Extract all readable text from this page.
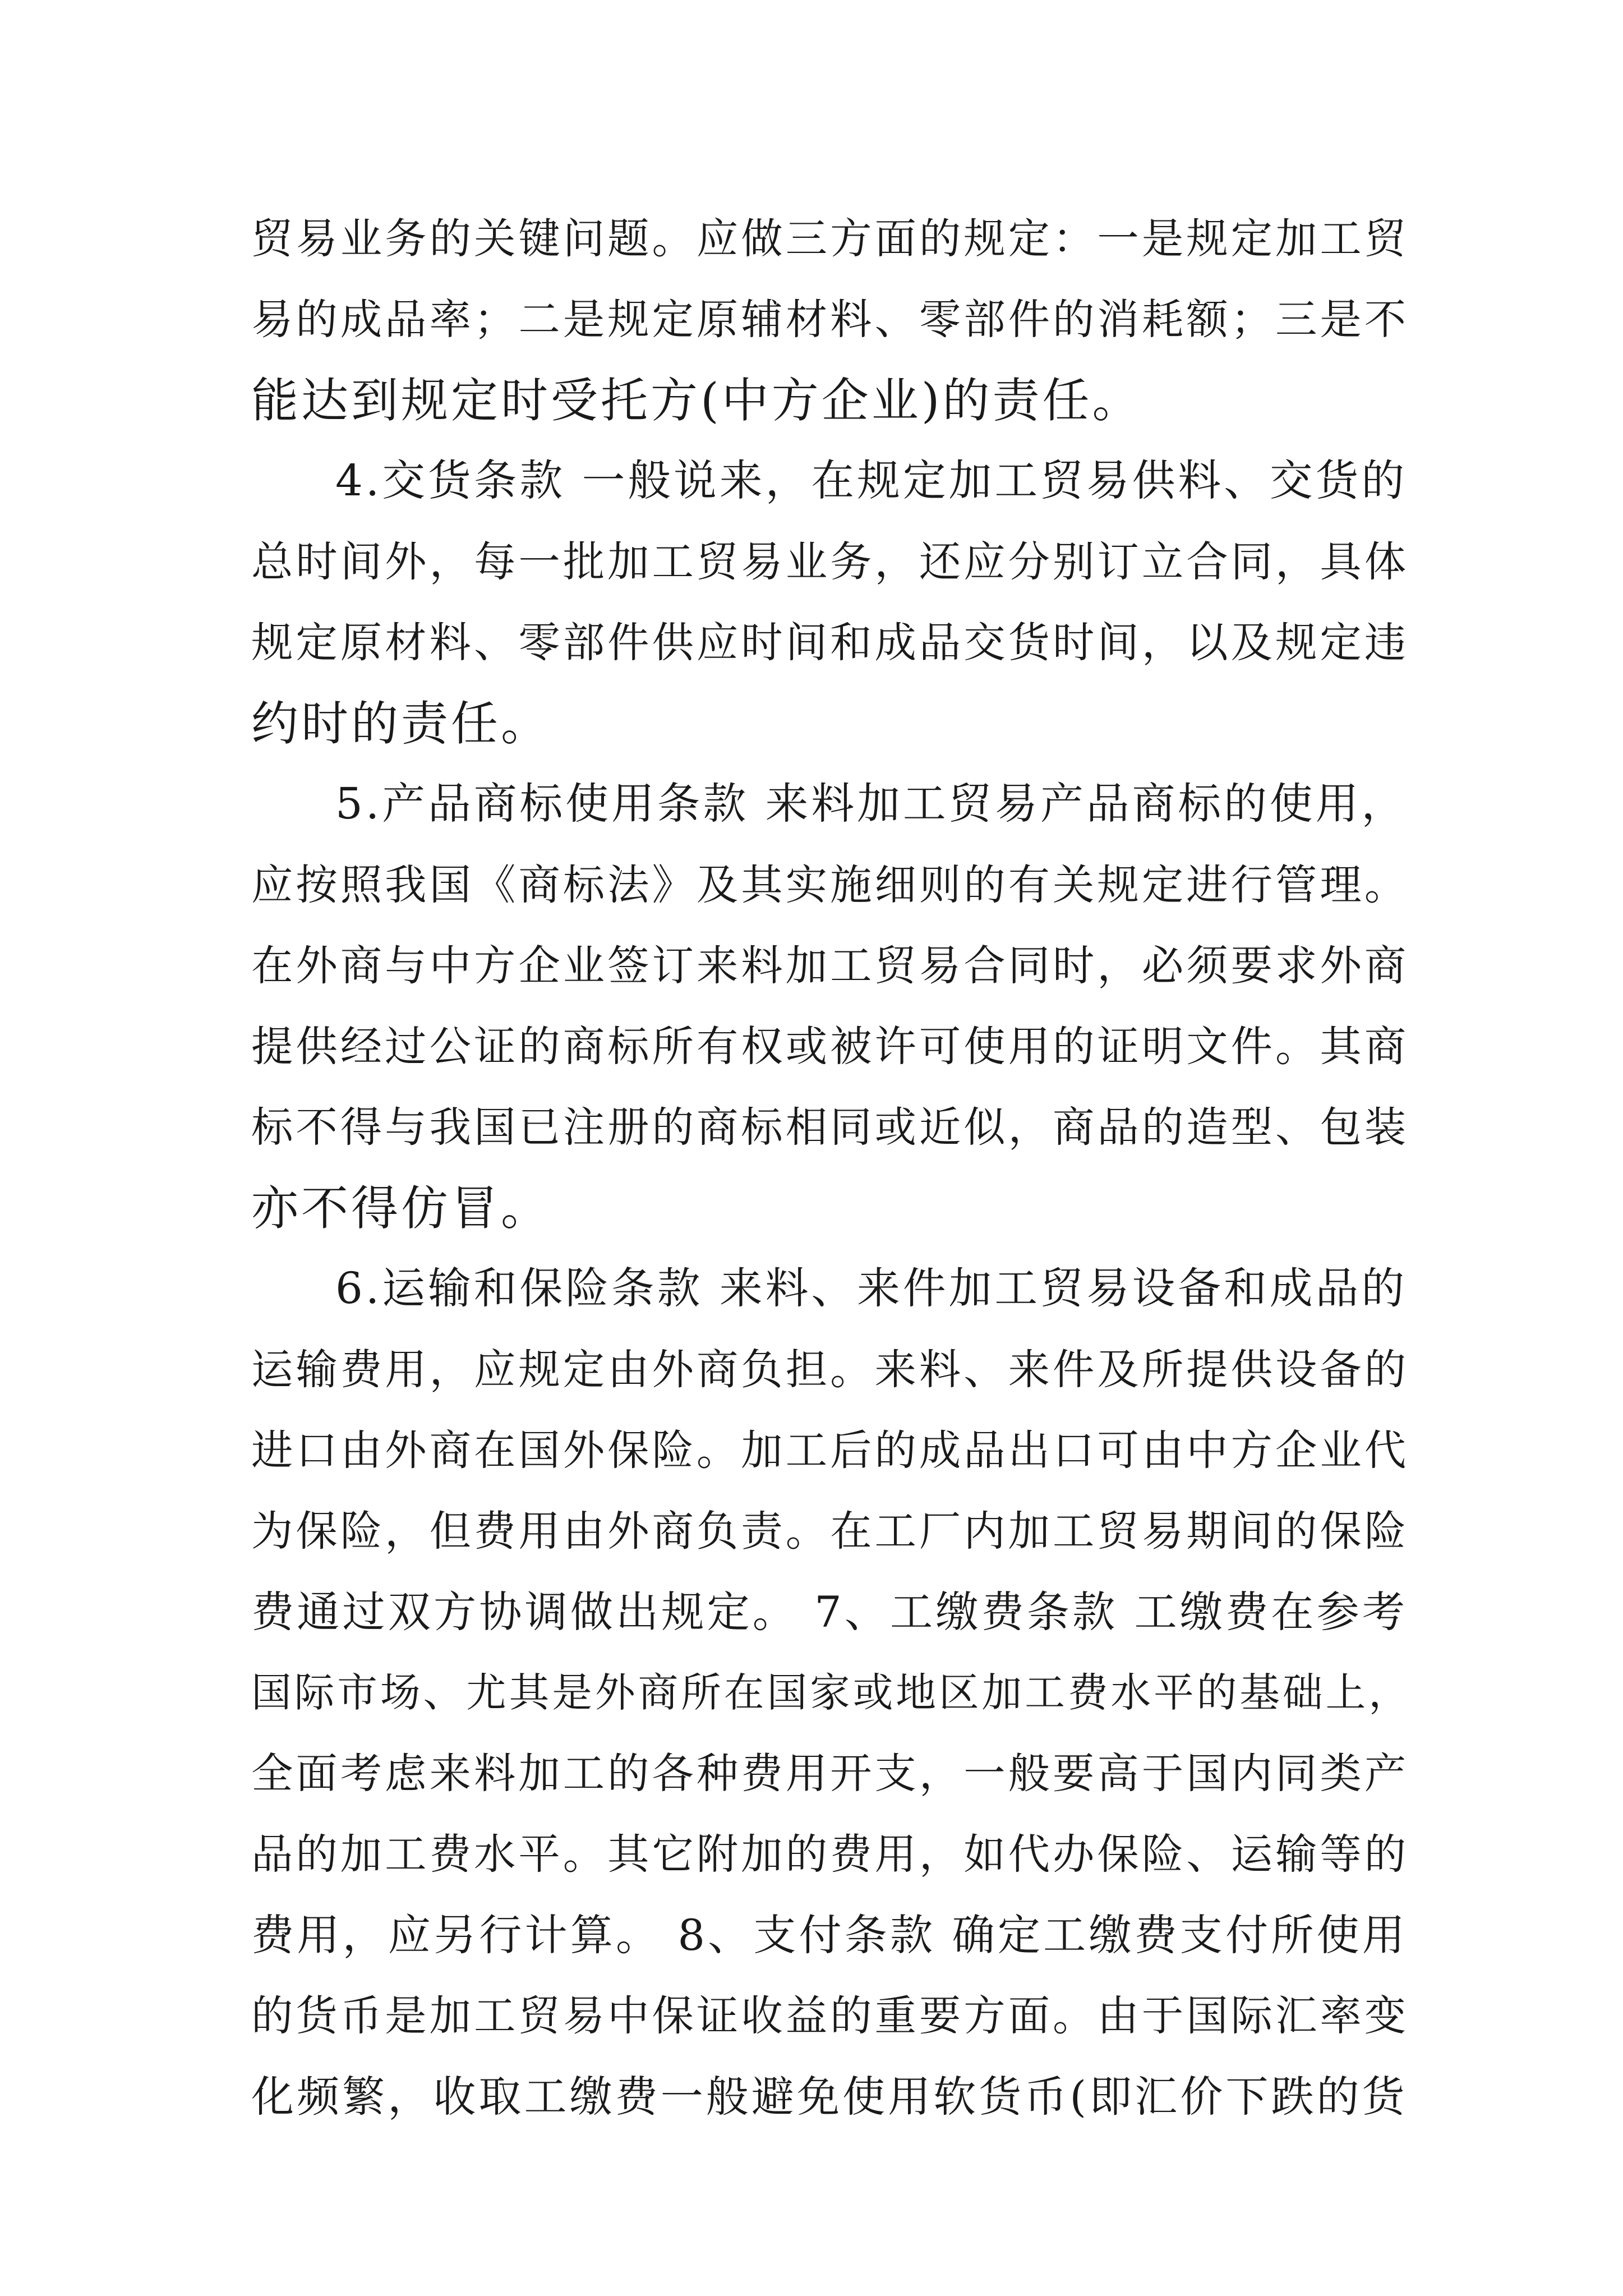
贸易业务的关键问题。应做三方面的规定：一是规定加工贸
易的成品率；二是规定原辅材料、零部件的消耗额；三是不
能达到规定时受托方(中方企业)的责任。
4.交货条款 一般说来，在规定加工贸易供料、交货的
总时间外，每一批加工贸易业务，还应分别订立合同，具体
规定原材料、零部件供应时间和成品交货时间，以及规定违
约时的责任。
5.产品商标使用条款 来料加工贸易产品商标的使用，
应按照我国《商标法》及其实施细则的有关规定进行管理。
在外商与中方企业签订来料加工贸易合同时，必须要求外商
提供经过公证的商标所有权或被许可使用的证明文件。其商
标不得与我国已注册的商标相同或近似，商品的造型、包装
亦不得仿冒。
6.运输和保险条款 来料、来件加工贸易设备和成品的
运输费用，应规定由外商负担。来料、来件及所提供设备的
进口由外商在国外保险。加工后的成品出口可由中方企业代
为保险，但费用由外商负责。在工厂内加工贸易期间的保险
费通过双方协调做出规定。 7、工缴费条款 工缴费在参考
国际市场、尤其是外商所在国家或地区加工费水平的基础上，
全面考虑来料加工的各种费用开支，一般要高于国内同类产
品的加工费水平。其它附加的费用，如代办保险、运输等的
费用，应另行计算。 8、支付条款 确定工缴费支付所使用
的货币是加工贸易中保证收益的重要方面。由于国际汇率变
化频繁，收取工缴费一般避免使用软货币(即汇价下跌的货
